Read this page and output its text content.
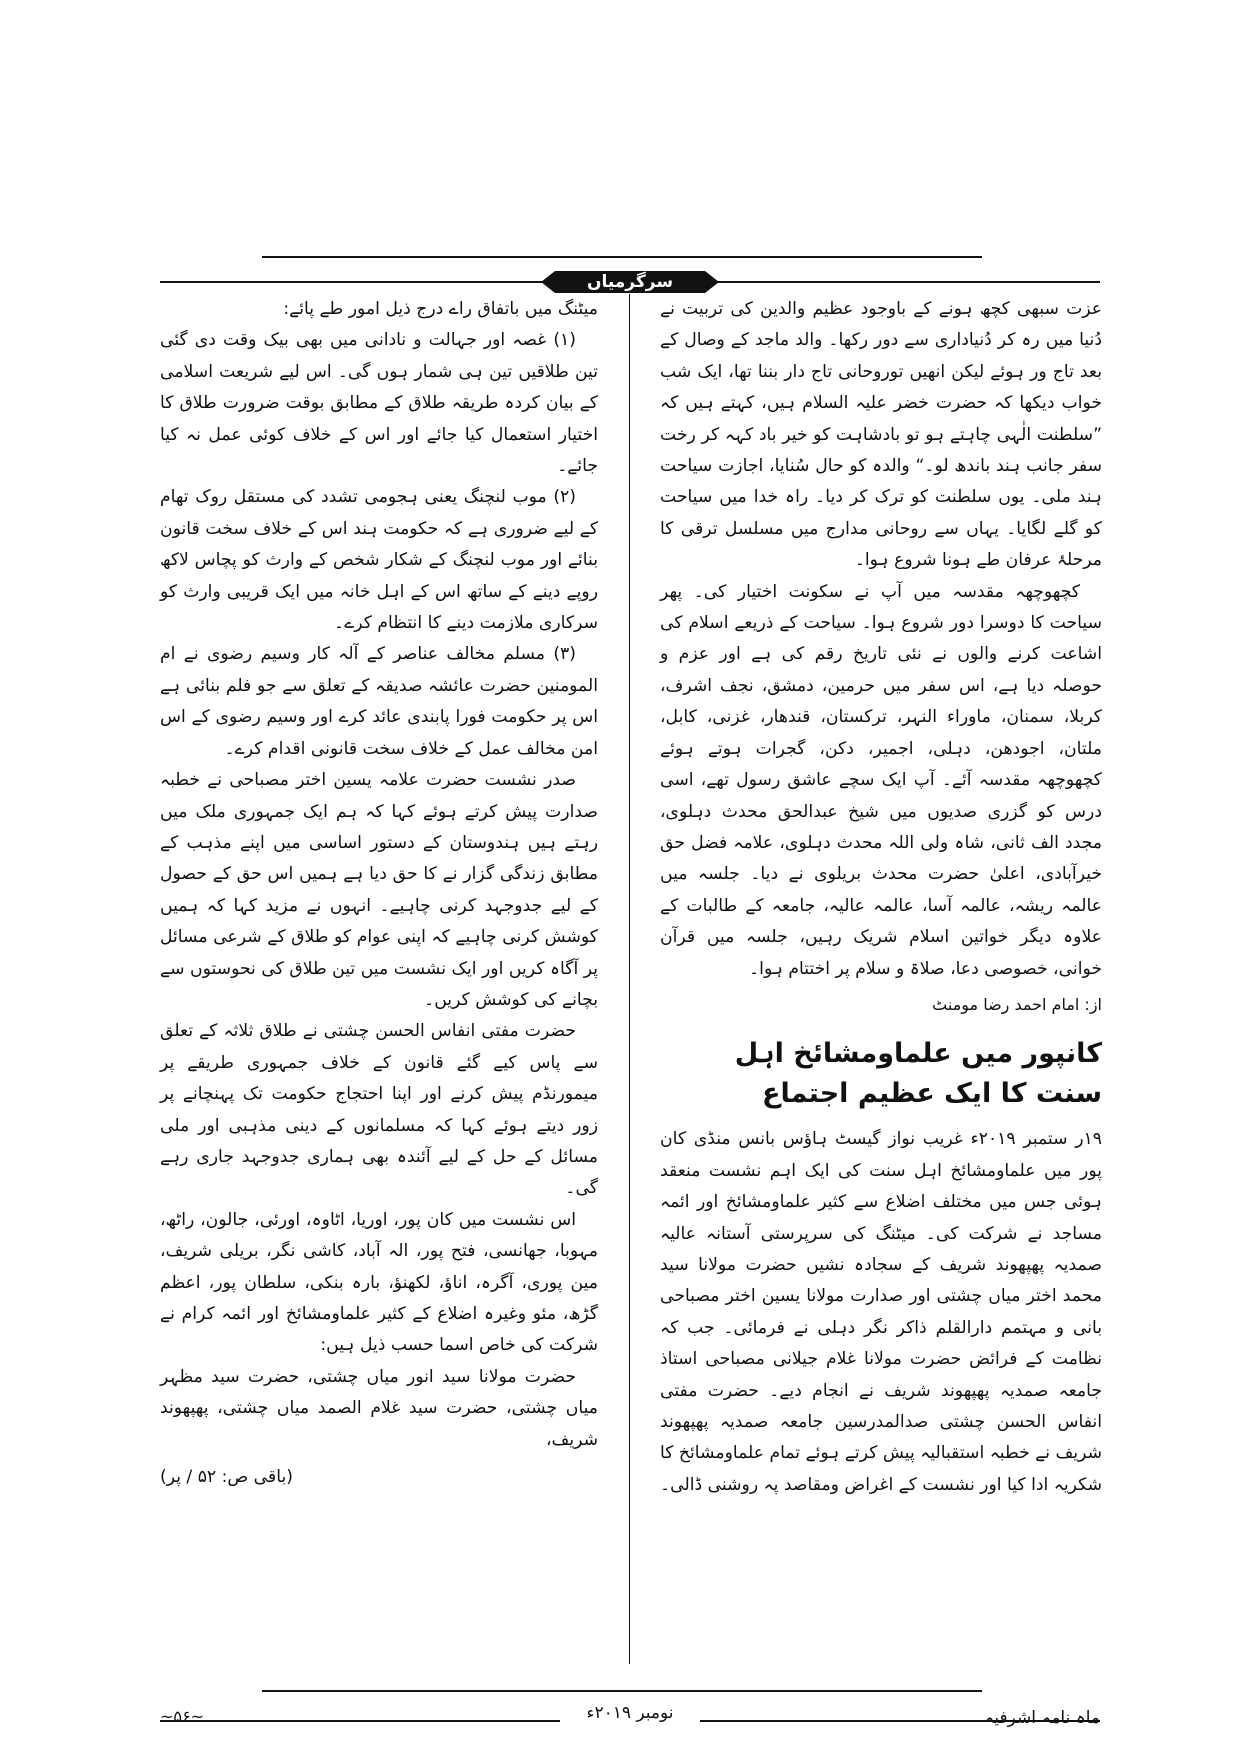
سرگرمیاں

عزت سبھی کچھ ہونے کے باوجود عظیم والدین کی تربیت نے دُنیا میں رہ کر دُنیاداری سے دور رکھا۔ والد ماجد کے وصال کے بعد تاج ور ہوئے لیکن انھیں توروحانی تاج دار بننا تھا، ایک شب خواب دیکھا کہ حضرت خضر علیہ السلام ہیں، کہتے ہیں کہ ”سلطنت الٰہی چاہتے ہو تو بادشاہت کو خیر باد کہہ کر رخت سفر جانب ہند باندھ لو۔“ والدہ کو حال سُنایا، اجازت سیاحت ہند ملی۔ یوں سلطنت کو ترک کر دیا۔ راہ خدا میں سیاحت کو گلے لگایا۔ یہاں سے روحانی مدارج میں مسلسل ترقی کا مرحلۂ عرفان طے ہونا شروع ہوا۔

کچھوچھہ مقدسہ میں آپ نے سکونت اختیار کی۔ پھر سیاحت کا دوسرا دور شروع ہوا۔ سیاحت کے ذریعے اسلام کی اشاعت کرنے والوں نے نئی تاریخ رقم کی ہے اور عزم و حوصلہ دیا ہے، اس سفر میں حرمین، دمشق، نجف اشرف، کربلا، سمنان، ماوراء النہر، ترکستان، قندھار، غزنی، کابل، ملتان، اجودھن، دہلی، اجمیر، دکن، گجرات ہوتے ہوئے کچھوچھہ مقدسہ آئے۔ آپ ایک سچے عاشق رسول تھے، اسی درس کو گزری صدیوں میں شیخ عبدالحق محدث دہلوی، مجدد الف ثانی، شاہ ولی اللہ محدث دہلوی، علامہ فضل حق خیرآبادی، اعلیٰ حضرت محدث بریلوی نے دیا۔ جلسہ میں عالمہ ریشہ، عالمہ آسا، عالمہ عالیہ، جامعہ کے طالبات کے علاوہ دیگر خواتین اسلام شریک رہیں، جلسہ میں قرآن خوانی، خصوصی دعا، صلاۃ و سلام پر اختتام ہوا۔

از: امام احمد رضا مومنٹ

کانپور میں علماومشائخ اہل سنت کا ایک عظیم اجتماع

۱۹ر ستمبر ۲۰۱۹ء غریب نواز گیسٹ ہاؤس بانس منڈی کان پور میں علماومشائخ اہل سنت کی ایک اہم نشست منعقد ہوئی جس میں مختلف اضلاع سے کثیر علماومشائخ اور ائمہ مساجد نے شرکت کی۔ میٹنگ کی سرپرستی آستانہ عالیہ صمدیہ پھپھوند شریف کے سجادہ نشیں حضرت مولانا سید محمد اختر میاں چشتی اور صدارت مولانا یسین اختر مصباحی بانی و مہتمم دارالقلم ذاکر نگر دہلی نے فرمائی۔ جب کہ نظامت کے فرائض حضرت مولانا غلام جیلانی مصباحی استاذ جامعہ صمدیہ پھپھوند شریف نے انجام دیے۔ حضرت مفتی انفاس الحسن چشتی صدالمدرسین جامعہ صمدیہ پھپھوند شریف نے خطبہ استقبالیہ پیش کرتے ہوئے تمام علماومشائخ کا شکریہ ادا کیا اور نشست کے اغراض ومقاصد پہ روشنی ڈالی۔

میٹنگ میں باتفاق راے درج ذیل امور طے پائے:

(۱) غصہ اور جہالت و نادانی میں بھی بیک وقت دی گئی تین طلاقیں تین ہی شمار ہوں گی۔ اس لیے شریعت اسلامی کے بیان کردہ طریقہ طلاق کے مطابق بوقت ضرورت طلاق کا اختیار استعمال کیا جائے اور اس کے خلاف کوئی عمل نہ کیا جائے۔

(۲) موب لنچنگ یعنی ہجومی تشدد کی مستقل روک تھام کے لیے ضروری ہے کہ حکومت ہند اس کے خلاف سخت قانون بنائے اور موب لنچنگ کے شکار شخص کے وارث کو پچاس لاکھ روپے دینے کے ساتھ اس کے اہل خانہ میں ایک قریبی وارث کو سرکاری ملازمت دینے کا انتظام کرے۔

(۳) مسلم مخالف عناصر کے آلہ کار وسیم رضوی نے ام المومنین حضرت عائشہ صدیقہ کے تعلق سے جو فلم بنائی ہے اس پر حکومت فورا پابندی عائد کرے اور وسیم رضوی کے اس امن مخالف عمل کے خلاف سخت قانونی اقدام کرے۔

صدر نشست حضرت علامہ یسین اختر مصباحی نے خطبہ صدارت پیش کرتے ہوئے کہا کہ ہم ایک جمہوری ملک میں رہتے ہیں ہندوستان کے دستور اساسی میں اپنے مذہب کے مطابق زندگی گزار نے کا حق دیا ہے ہمیں اس حق کے حصول کے لیے جدوجہد کرنی چاہیے۔ انہوں نے مزید کہا کہ ہمیں کوشش کرنی چاہیے کہ اپنی عوام کو طلاق کے شرعی مسائل پر آگاہ کریں اور ایک نشست میں تین طلاق کی نحوستوں سے بچانے کی کوشش کریں۔

حضرت مفتی انفاس الحسن چشتی نے طلاق ثلاثہ کے تعلق سے پاس کیے گئے قانون کے خلاف جمہوری طریقے پر میمورنڈم پیش کرنے اور اپنا احتجاج حکومت تک پہنچانے پر زور دیتے ہوئے کہا کہ مسلمانوں کے دینی مذہبی اور ملی مسائل کے حل کے لیے آئندہ بھی ہماری جدوجہد جاری رہے گی۔

اس نشست میں کان پور، اوریا، اٹاوہ، اورئی، جالون، راٹھ، مہوبا، جھانسی، فتح پور، الہ آباد، کاشی نگر، بریلی شریف، مین پوری، آگرہ، اناؤ، لکھنؤ، بارہ بنکی، سلطان پور، اعظم گڑھ، مئو وغیرہ اضلاع کے کثیر علماومشائخ اور ائمہ کرام نے شرکت کی خاص اسما حسب ذیل ہیں:

حضرت مولانا سید انور میاں چشتی، حضرت سید مظہر میاں چشتی، حضرت سید غلام الصمد میاں چشتی، پھپھوند شریف،

(باقی ص: ۵۲ / پر)

ماہ نامہ اشرفیہ
نومبر ۲۰۱۹ء
~۵۶~
